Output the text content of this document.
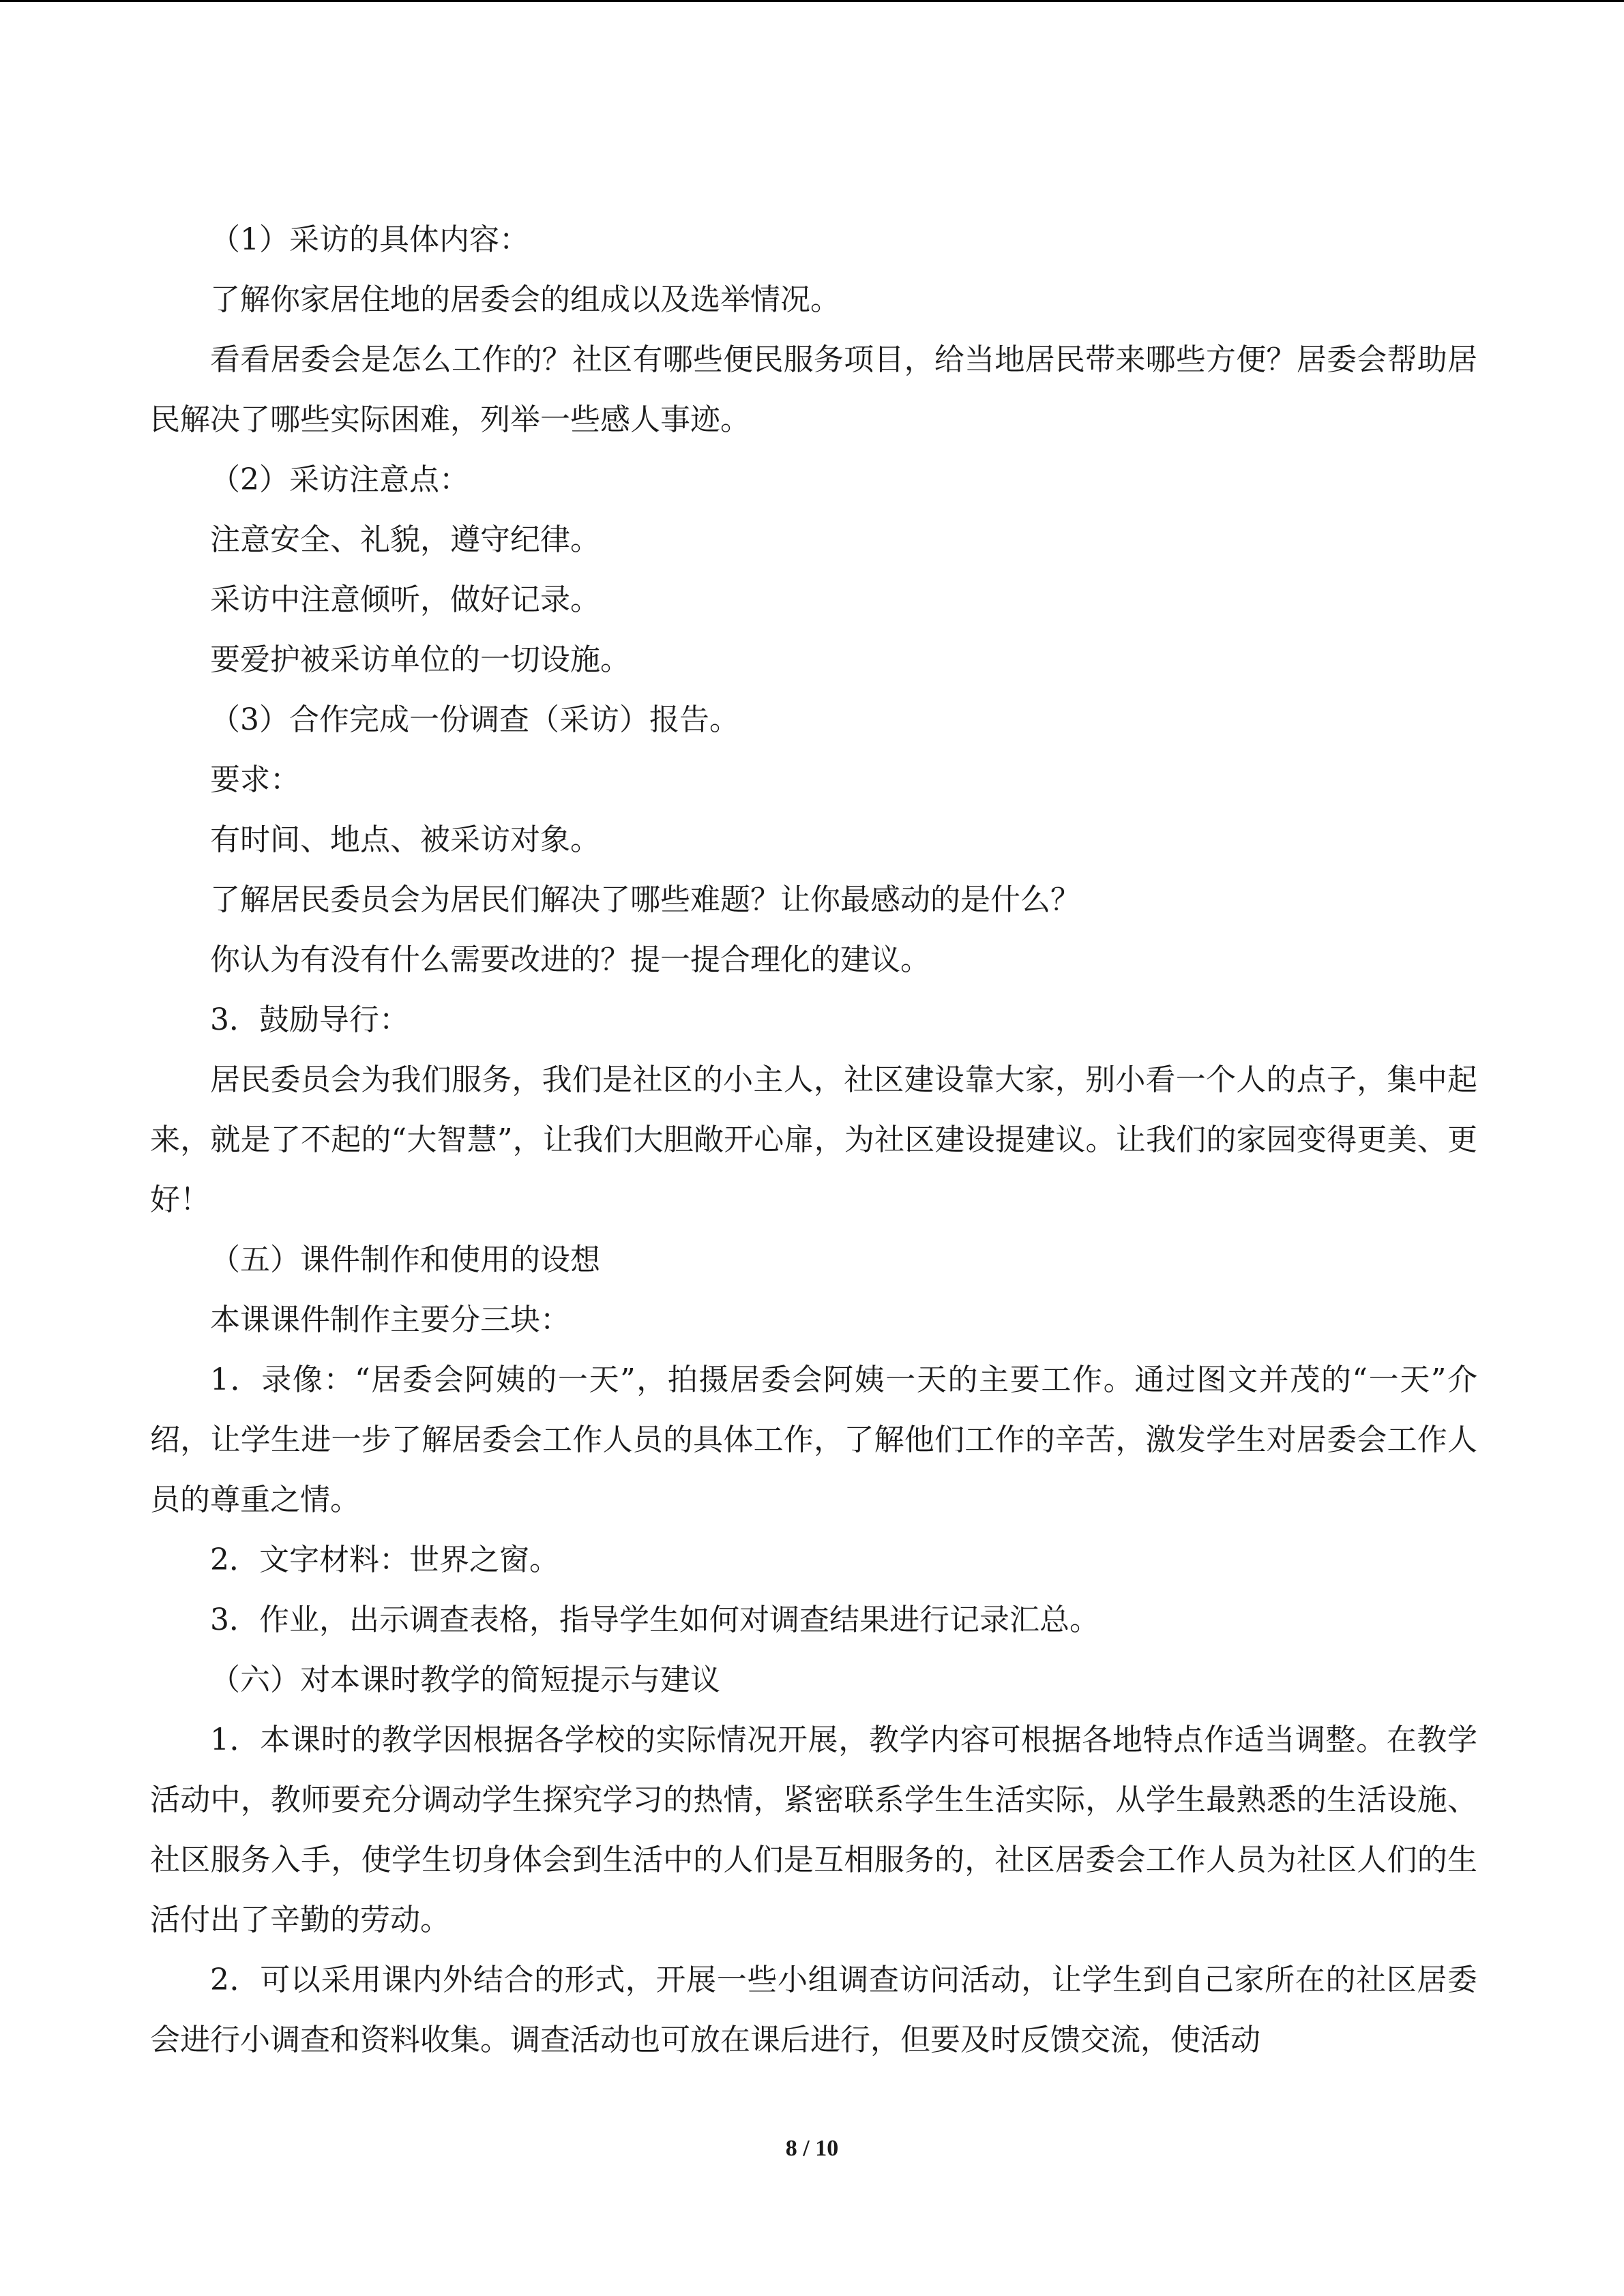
（1）采访的具体内容：

了解你家居住地的居委会的组成以及选举情况。

看看居委会是怎么工作的？社区有哪些便民服务项目，给当地居民带来哪些方便？居委会帮助居民解决了哪些实际困难，列举一些感人事迹。

（2）采访注意点：

注意安全、礼貌，遵守纪律。

采访中注意倾听，做好记录。

要爱护被采访单位的一切设施。

（3）合作完成一份调查（采访）报告。

要求：

有时间、地点、被采访对象。

了解居民委员会为居民们解决了哪些难题？让你最感动的是什么？

你认为有没有什么需要改进的？提一提合理化的建议。

3．鼓励导行：

居民委员会为我们服务，我们是社区的小主人，社区建设靠大家，别小看一个人的点子，集中起来，就是了不起的“大智慧”，让我们大胆敞开心扉，为社区建设提建议。让我们的家园变得更美、更好！

（五）课件制作和使用的设想

本课课件制作主要分三块：

1．录像：“居委会阿姨的一天”，拍摄居委会阿姨一天的主要工作。通过图文并茂的“一天”介绍，让学生进一步了解居委会工作人员的具体工作，了解他们工作的辛苦，激发学生对居委会工作人员的尊重之情。

2．文字材料：世界之窗。

3．作业，出示调查表格，指导学生如何对调查结果进行记录汇总。

（六）对本课时教学的简短提示与建议

1．本课时的教学因根据各学校的实际情况开展，教学内容可根据各地特点作适当调整。在教学活动中，教师要充分调动学生探究学习的热情，紧密联系学生生活实际，从学生最熟悉的生活设施、社区服务入手，使学生切身体会到生活中的人们是互相服务的，社区居委会工作人员为社区人们的生活付出了辛勤的劳动。

2．可以采用课内外结合的形式，开展一些小组调查访问活动，让学生到自己家所在的社区居委会进行小调查和资料收集。调查活动也可放在课后进行，但要及时反馈交流，使活动

8 / 10
